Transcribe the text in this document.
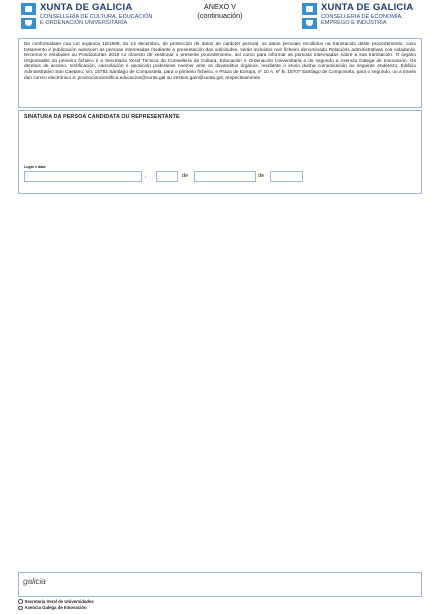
XUNTA DE GALICIA
CONSELLERÍA DE CULTURA, EDUCACIÓN
E ORDENACIÓN UNIVERSITARIA
ANEXO V
(continuación)
XUNTA DE GALICIA
CONSELLERÍA DE ECONOMÍA,
EMPREGO E INDUSTRIA

De conformidade coa Lei orgánica 15/1999, do 13 decembro, de protección de datos de carácter persoal, os datos persoais recollidos na tramitación deste procedemento, cuxo tratamento e publicación autoricen as persoas interesadas mediante a presentación das solicitudes, serán incluídos nun ficheiro denominado Relacións administrativas coa cidadanía, terceiros e entidades ou Posdoutorais 2018 co obxecto de xestionar o presente procedemento, así como para informar as persoas interesadas sobre a súa tramitación. O órgano responsable do primeiro ficheiro é a Secretaría Xeral Técnica da Consellería de Cultura, Educación e Ordenación Universitaria e do segundo a Axencia Galega de Innovación. Os dereitos de acceso, rectificación, cancelación e oposición poderanse exercer ante os devanditos órganos, mediante o envío dunha comunicación ao seguinte enderezo: Edificio Administrativo San Caetano, s/n, 15781 Santiago de Compostela, para o primeiro ficheiro, e Praza de Europa, nº 10 A, 6º B, 15707 Santiago de Compostela, para o segundo, ou a través dun correo electrónico a: promocioncientifica.educacion@xunta.gal ou xestion.gain@xunta.gal, respectivamente.

SINATURA DA PERSOA CANDIDATA OU REPRESENTANTE
Lugar e data
,	de	de
galicia
Secretaría Xeral de Universidades
Axencia Galega de Innovación
